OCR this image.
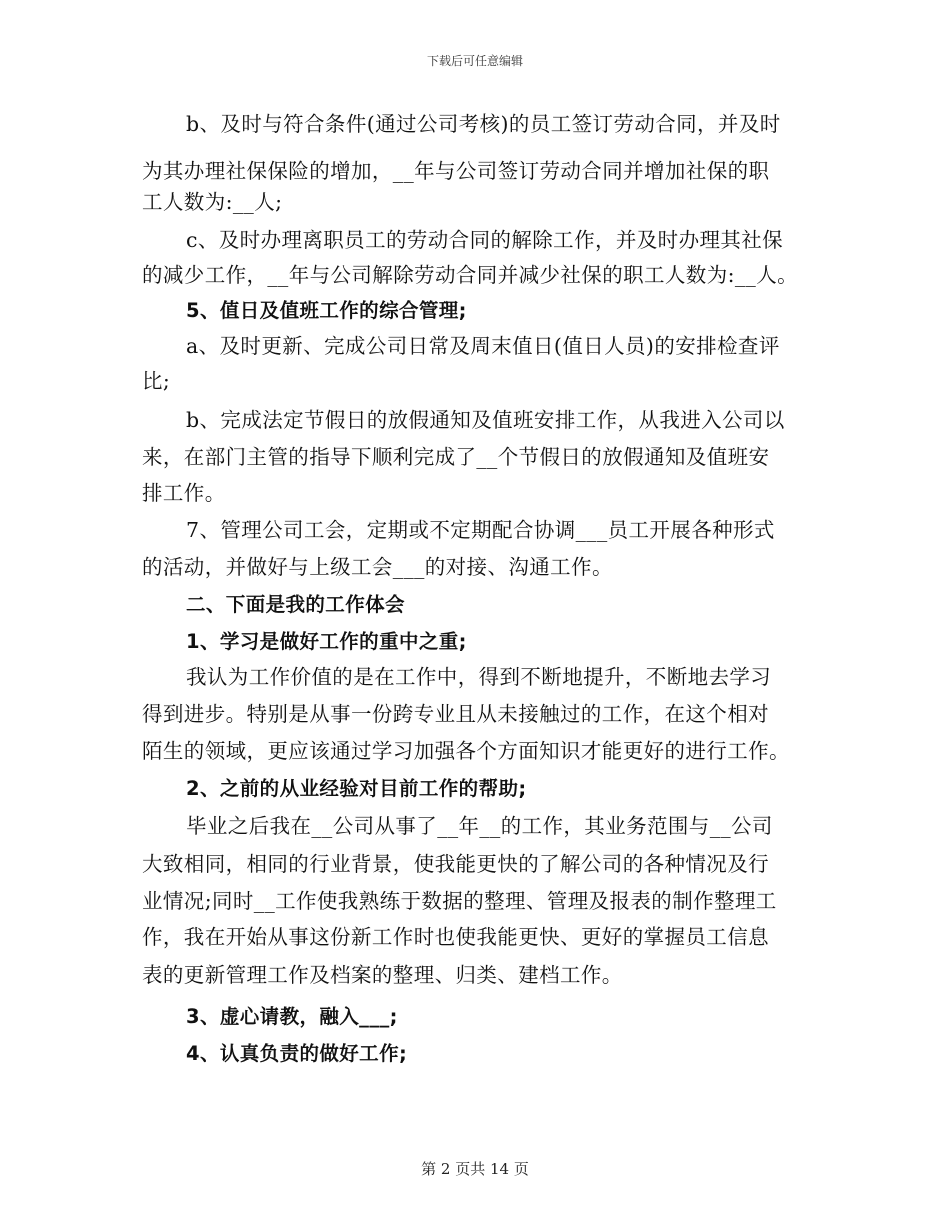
下载后可任意编辑
b、及时与符合条件(通过公司考核)的员工签订劳动合同，并及时
为其办理社保保险的增加，__年与公司签订劳动合同并增加社保的职
工人数为:__人;
c、及时办理离职员工的劳动合同的解除工作，并及时办理其社保
的减少工作，__年与公司解除劳动合同并减少社保的职工人数为:__人。
5、值日及值班工作的综合管理;
a、及时更新、完成公司日常及周末值日(值日人员)的安排检查评
比;
b、完成法定节假日的放假通知及值班安排工作，从我进入公司以
来，在部门主管的指导下顺利完成了__个节假日的放假通知及值班安
排工作。
7、管理公司工会，定期或不定期配合协调___员工开展各种形式
的活动，并做好与上级工会___的对接、沟通工作。
二、下面是我的工作体会
1、学习是做好工作的重中之重;
我认为工作价值的是在工作中，得到不断地提升，不断地去学习
得到进步。特别是从事一份跨专业且从未接触过的工作，在这个相对
陌生的领域，更应该通过学习加强各个方面知识才能更好的进行工作。
2、之前的从业经验对目前工作的帮助;
毕业之后我在__公司从事了__年__的工作，其业务范围与__公司
大致相同，相同的行业背景，使我能更快的了解公司的各种情况及行
业情况;同时__工作使我熟练于数据的整理、管理及报表的制作整理工
作，我在开始从事这份新工作时也使我能更快、更好的掌握员工信息
表的更新管理工作及档案的整理、归类、建档工作。
3、虚心请教，融入___;
4、认真负责的做好工作;
第 2 页共 14 页
